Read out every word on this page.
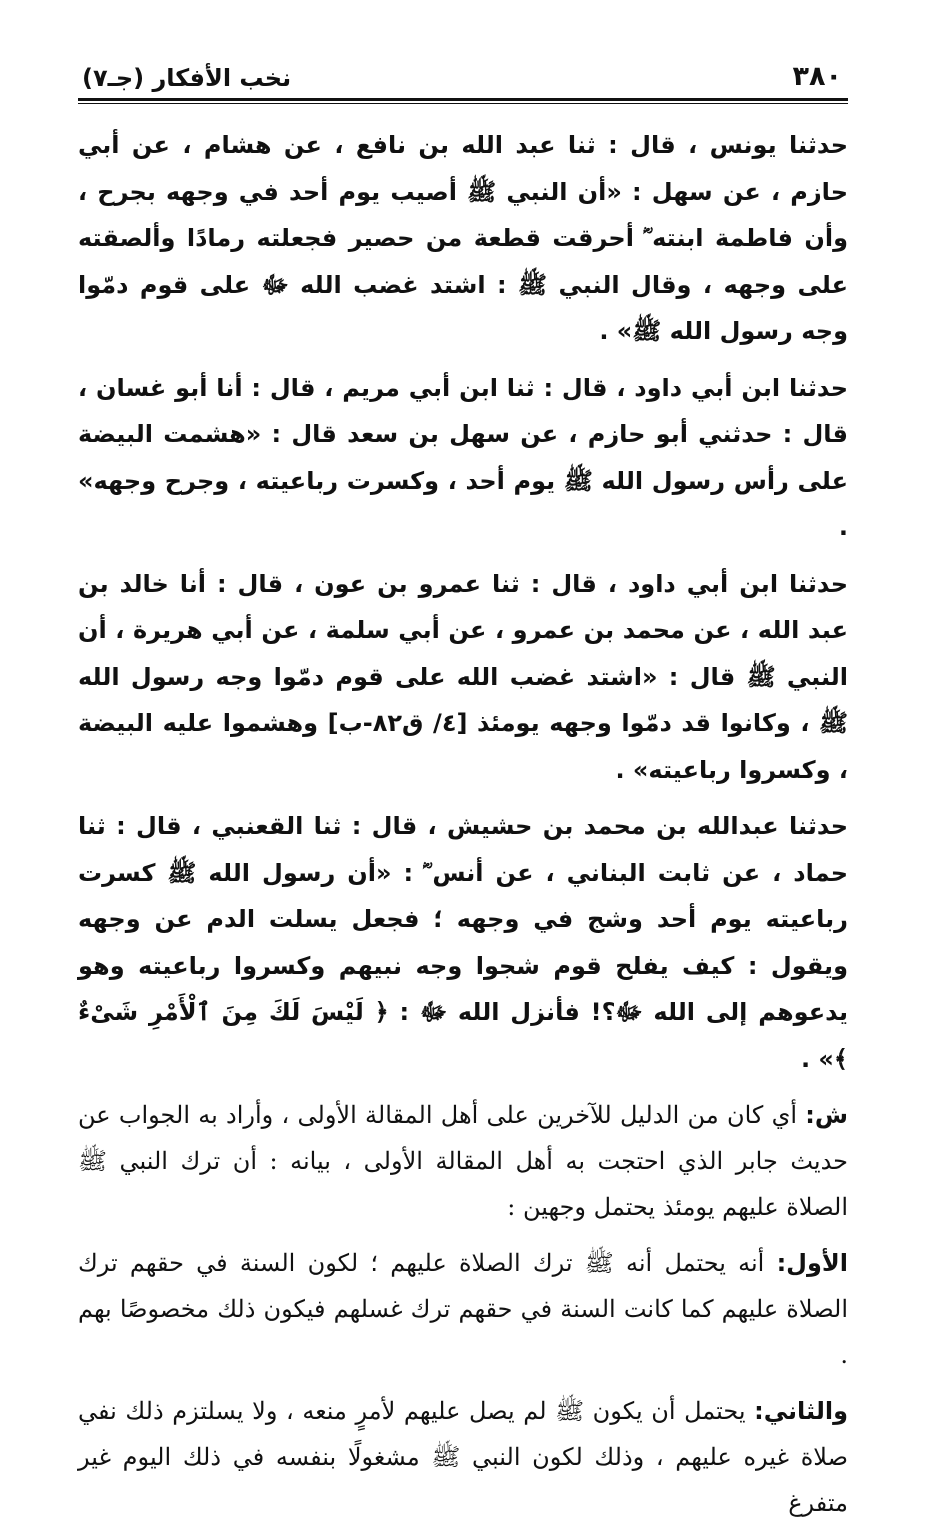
٣٨٠
نخب الأفكار (جـ٧)

حدثنا يونس ، قال : ثنا عبد الله بن نافع ، عن هشام ، عن أبي حازم ، عن سهل : «أن النبي ﷺ أصيب يوم أحد في وجهه بجرح ، وأن فاطمة ابنته ؓ أحرقت قطعة من حصير فجعلته رمادًا وألصقته على وجهه ، وقال النبي ﷺ : اشتد غضب الله ﷻ على قوم دمّوا وجه رسول الله ﷺ» .

حدثنا ابن أبي داود ، قال : ثنا ابن أبي مريم ، قال : أنا أبو غسان ، قال : حدثني أبو حازم ، عن سهل بن سعد قال : «هشمت البيضة على رأس رسول الله ﷺ يوم أحد ، وكسرت رباعيته ، وجرح وجهه» .

حدثنا ابن أبي داود ، قال : ثنا عمرو بن عون ، قال : أنا خالد بن عبد الله ، عن محمد بن عمرو ، عن أبي سلمة ، عن أبي هريرة ، أن النبي ﷺ قال : «اشتد غضب الله على قوم دمّوا وجه رسول الله ﷺ ، وكانوا قد دمّوا وجهه يومئذ [٤/ ق٨٢-ب] وهشموا عليه البيضة ، وكسروا رباعيته» .

حدثنا عبدالله بن محمد بن حشيش ، قال : ثنا القعنبي ، قال : ثنا حماد ، عن ثابت البناني ، عن أنس ؓ : «أن رسول الله ﷺ كسرت رباعيته يوم أحد وشج في وجهه ؛ فجعل يسلت الدم عن وجهه ويقول : كيف يفلح قوم شجوا وجه نبيهم وكسروا رباعيته وهو يدعوهم إلى الله ﷻ؟! فأنزل الله ﷻ : ﴿ لَيْسَ لَكَ مِنَ ٱلْأَمْرِ شَىْءٌ ﴾» .

ش: أي كان من الدليل للآخرين على أهل المقالة الأولى ، وأراد به الجواب عن حديث جابر الذي احتجت به أهل المقالة الأولى ، بيانه : أن ترك النبي ﷺ الصلاة عليهم يومئذ يحتمل وجهين :

الأول: أنه يحتمل أنه ﷺ ترك الصلاة عليهم ؛ لكون السنة في حقهم ترك الصلاة عليهم كما كانت السنة في حقهم ترك غسلهم فيكون ذلك مخصوصًا بهم .

والثاني: يحتمل أن يكون ﷺ لم يصل عليهم لأمرٍ منعه ، ولا يسلتزم ذلك نفي صلاة غيره عليهم ، وذلك لكون النبي ﷺ مشغولًا بنفسه في ذلك اليوم غير متفرغ
